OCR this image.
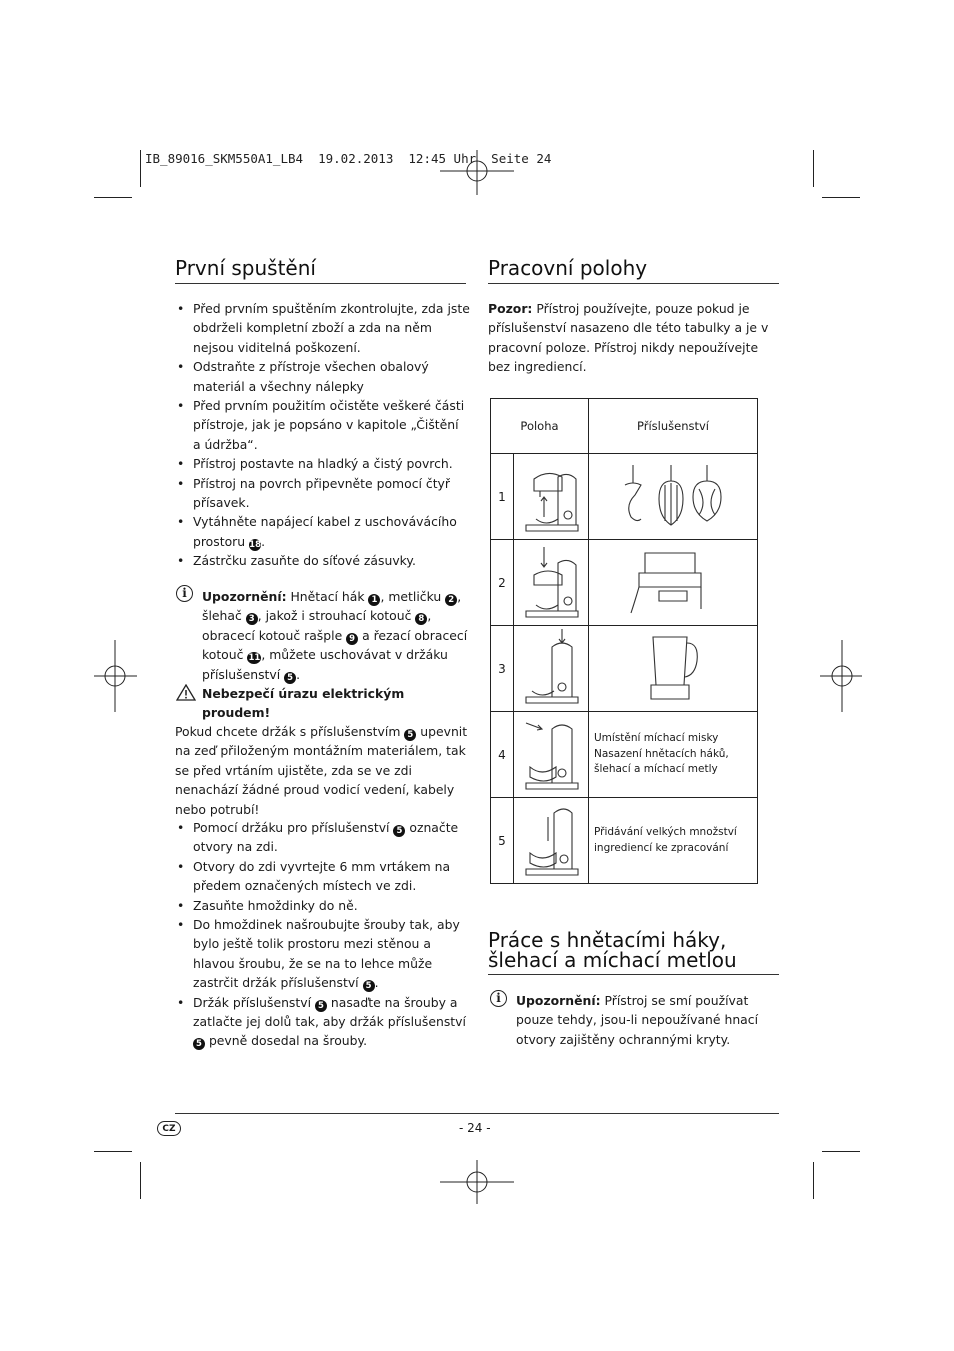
IB_89016_SKM550A1_LB4  19.02.2013  12:45 Uhr  Seite 24
První spuštění
• Před prvním spuštěním zkontrolujte, zda jste obdrželi kompletní zboží a zda na něm nejsou viditelná poškození.
• Odstraňte z přístroje všechen obalový materiál a všechny nálepky
• Před prvním použitím očistěte veškeré části přístroje, jak je popsáno v kapitole „Čištění a údržba“.
• Přístroj postavte na hladký a čistý povrch.
• Přístroj na povrch připevněte pomocí čtyř přísavek.
• Vytáhněte napájecí kabel z uschovávácího prostoru 18.
• Zástrčku zasuňte do síťové zásuvky.
i	Upozornění: Hnětací hák 1 , metličku 2 , šlehač 3 , jakož i strouhací kotouč 8 , obracecí kotouč rašple 9 a řezací obracecí kotouč 11, můžete uschovávat v držáku příslušenství 5 .

Nebezpečí úrazu elektrickým proudem!

Pokud chcete držák s příslušenstvím 5 upevnit na zeď přiloženým montážním materiálem, tak se před vrtáním ujistěte, zda se ve zdi nenachází žádné proud vodicí vedení, kabely nebo potrubí!

• Pomocí držáku pro příslušenství 5 označte otvory na zdi.
• Otvory do zdi vyvrtejte 6 mm vrtákem na předem označených místech ve zdi.
• Zasuňte hmoždinky do ně.
• Do hmoždinek našroubujte šrouby tak, aby bylo ještě tolik prostoru mezi stěnou a hlavou šroubu, že se na to lehce může zastrčit držák příslušenství 5 .
• Držák příslušenství 5 nasaďte na šrouby a zatlačte jej dolů tak, aby držák příslušenství 5 pevně dosedal na šrouby.
Pracovní polohy

Pozor: Přístroj používejte, pouze pokud je příslušenství nasazeno dle této tabulky a je v pracovní poloze. Přístroj nikdy nepoužívejte bez ingrediencí.

Poloha		Příslušenství
1		
2		
3		
4		Umístění míchací misky Nasazení hnětacích háků, šlehací a míchací metly
5		Přidávání velkých množství ingrediencí ke zpracování
Práce s hnětacími háky, šlehací a míchací metlou
i	Upozornění: Přístroj se smí používat pouze tehdy, jsou-li nepoužívané hnací otvory zajištěny ochrannými kryty.

CZ	- 24 -
